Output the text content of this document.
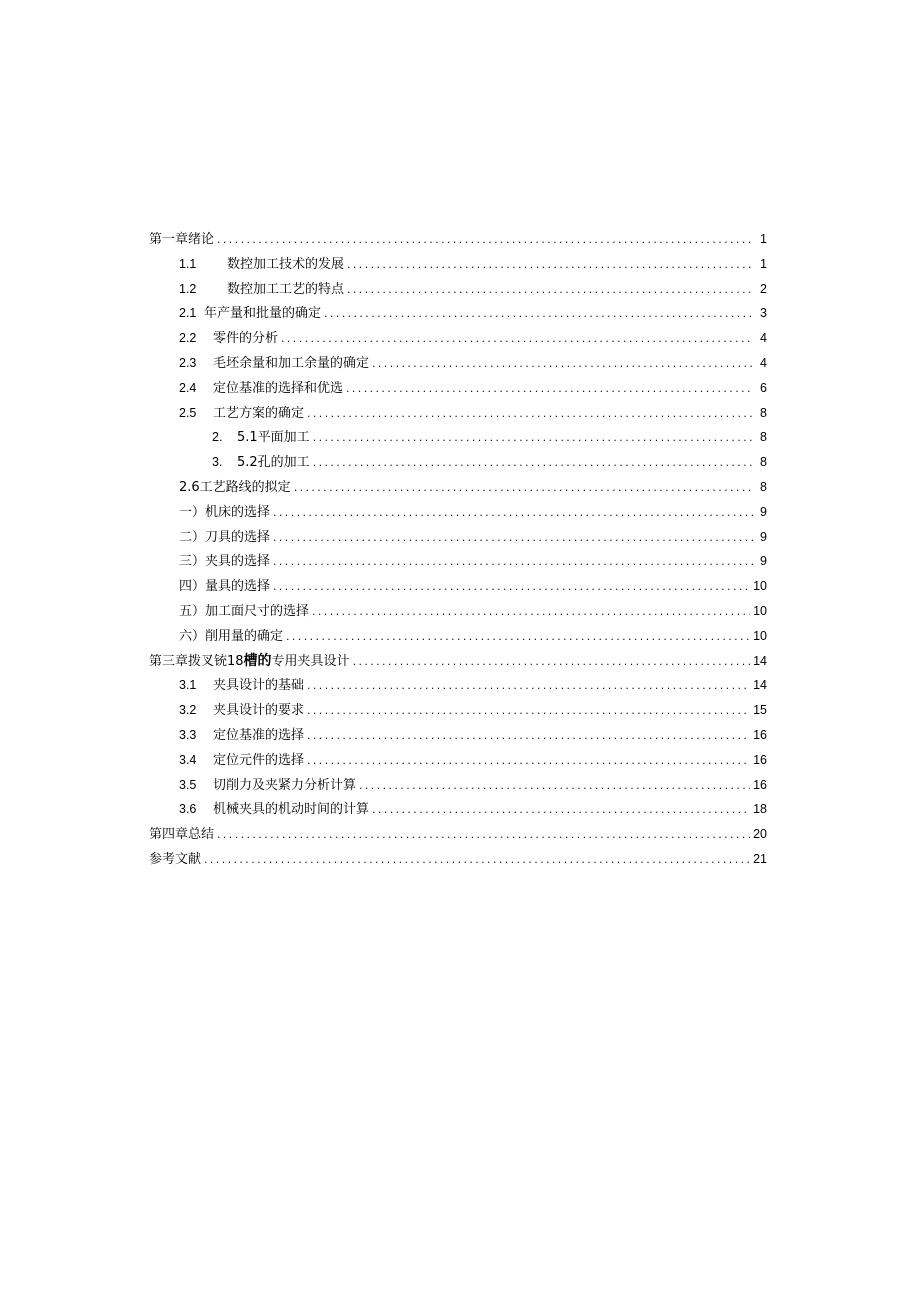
第一章绪论 .....	1
1.1	数控加工技术的发展 .....	1
1.2	数控加工工艺的特点 .....	2
2.1 年产量和批量的确定 .....	3
2.2	零件的分析 .....	4
2.3	毛坯余量和加工余量的确定 .....	4
2.4	定位基准的选择和优选 .....	6
2.5	工艺方案的确定 .....	8
2.	5.1平面加工 .....	8
3.	5.2孔的加工 .....	8
2.6工艺路线的拟定 .....	8
一）机床的选择 .....	9
二）刀具的选择 .....	9
三）夹具的选择 .....	9
四）量具的选择 .....	10
五）加工面尺寸的选择 .....	10
六）削用量的确定 .....	10
第三章拨叉铳18槽的专用夹具设计 .....	14
3.1	夹具设计的基础 .....	14
3.2	夹具设计的要求 .....	15
3.3	定位基准的选择 .....	16
3.4	定位元件的选择 .....	16
3.5	切削力及夹紧力分析计算 .....	16
3.6	机械夹具的机动时间的计算 .....	18
第四章总结 .....	20
参考文献 .....	21
